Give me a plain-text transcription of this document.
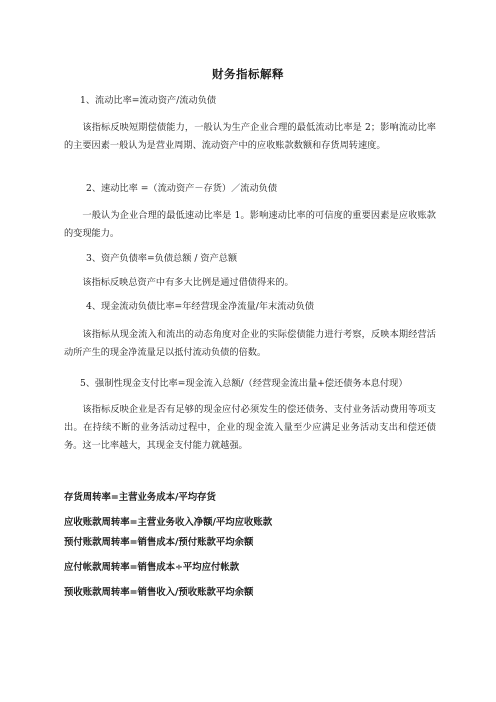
财务指标解释

1、流动比率=流动资产/流动负债

该指标反映短期偿债能力，一般认为生产企业合理的最低流动比率是 2；影响流动比率的主要因素一般认为是营业周期、流动资产中的应收账款数额和存货周转速度。

2、速动比率 =（流动资产－存货）／流动负债

一般认为企业合理的最低速动比率是 1。影响速动比率的可信度的重要因素是应收账款的变现能力。

3、资产负债率=负债总额 / 资产总额

该指标反映总资产中有多大比例是通过借债得来的。

4、现金流动负债比率=年经营现金净流量/年末流动负债

该指标从现金流入和流出的动态角度对企业的实际偿债能力进行考察，反映本期经营活动所产生的现金净流量足以抵付流动负债的倍数。

5、强制性现金支付比率=现金流入总额/（经营现金流出量+偿还债务本息付现）

该指标反映企业是否有足够的现金应付必须发生的偿还债务、支付业务活动费用等项支出。在持续不断的业务活动过程中，企业的现金流入量至少应满足业务活动支出和偿还债务。这一比率越大，其现金支付能力就越强。

存货周转率=主营业务成本/平均存货

应收账款周转率=主营业务收入净额/平均应收账款

预付账款周转率=销售成本/预付账款平均余额

应付帐款周转率=销售成本÷平均应付帐款

预收账款周转率=销售收入/预收账款平均余额
